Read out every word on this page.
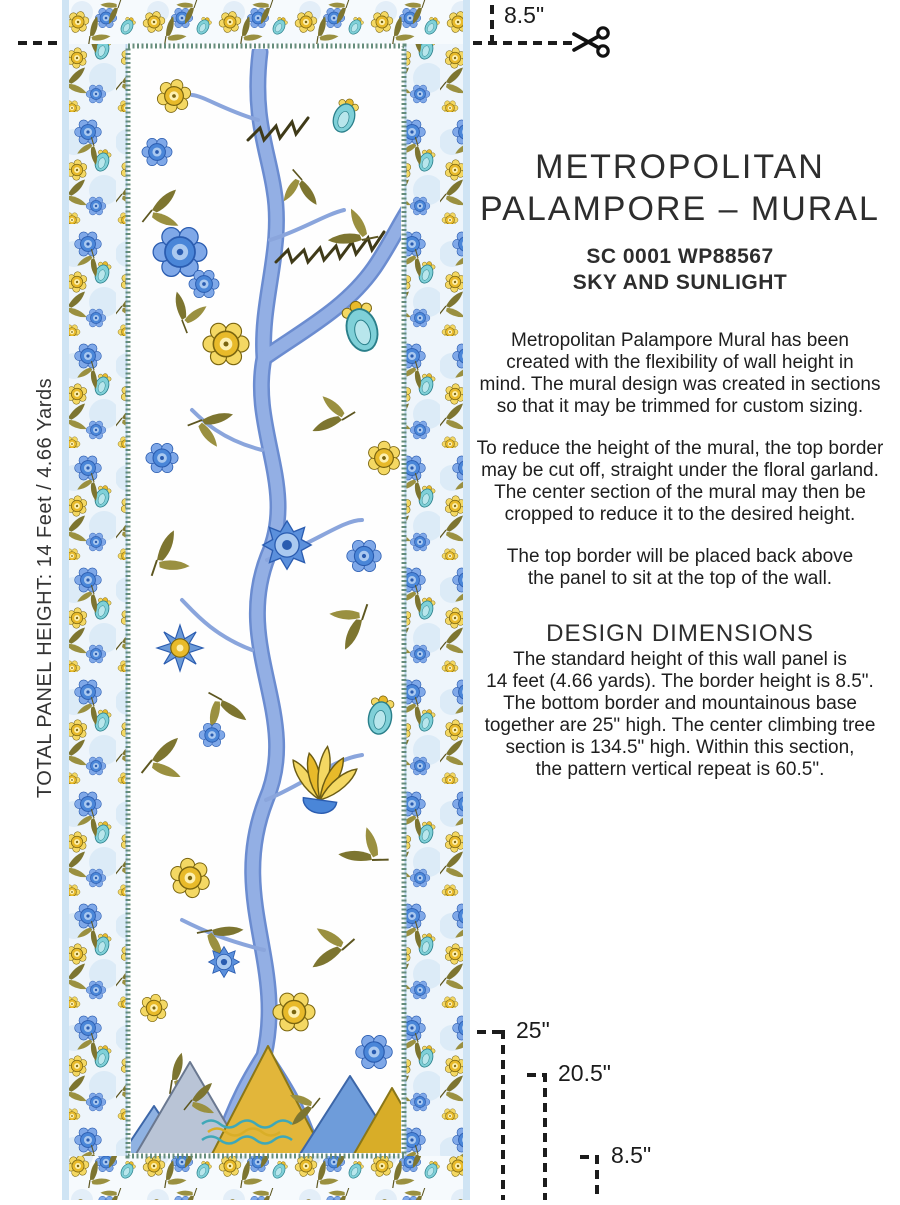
TOTAL PANEL HEIGHT: 14 Feet / 4.66 Yards
8.5"
METROPOLITAN
PALAMPORE – MURAL
SC 0001 WP88567
SKY AND SUNLIGHT
Metropolitan Palampore Mural has been
created with the flexibility of wall height in
mind. The mural design was created in sections
so that it may be trimmed for custom sizing.
To reduce the height of the mural, the top border
may be cut off, straight under the floral garland.
The center section of the mural may then be
cropped to reduce it to the desired height.
The top border will be placed back above
the panel to sit at the top of the wall.
DESIGN DIMENSIONS
The standard height of this wall panel is
14 feet (4.66 yards). The border height is 8.5".
The bottom border and mountainous base
together are 25" high. The center climbing tree
section is 134.5" high. Within this section,
the pattern vertical repeat is 60.5".
25"
20.5"
8.5"
